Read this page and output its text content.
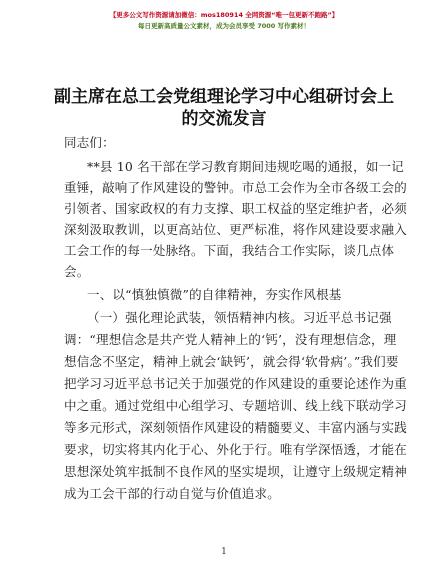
【更多公文写作资源请加微信：mos180914 全网资源“唯一包更新不跑路”】
每日更新高质量公文素材，成为会员享受 7000 写作素材！
副主席在总工会党组理论学习中心组研讨会上
的交流发言
同志们：
**县 10 名干部在学习教育期间违规吃喝的通报，如一记
重锤，敲响了作风建设的警钟。市总工会作为全市各级工会的
引领者、国家政权的有力支撑、职工权益的坚定维护者，必须
深刻汲取教训，以更高站位、更严标准，将作风建设要求融入
工会工作的每一处脉络。下面，我结合工作实际，谈几点体
会。
一、以“慎独慎微”的自律精神，夯实作风根基
（一）强化理论武装，领悟精神内核。习近平总书记强
调：“理想信念是共产党人精神上的‘钙’，没有理想信念，理
想信念不坚定，精神上就会‘缺钙’，就会得‘软骨病’。”我们要
把学习习近平总书记关于加强党的作风建设的重要论述作为重
中之重。通过党组中心组学习、专题培训、线上线下联动学习
等多元形式，深刻领悟作风建设的精髓要义、丰富内涵与实践
要求，切实将其内化于心、外化于行。唯有学深悟透，才能在
思想深处筑牢抵制不良作风的坚实堤坝，让遵守上级规定精神
成为工会干部的行动自觉与价值追求。
1
